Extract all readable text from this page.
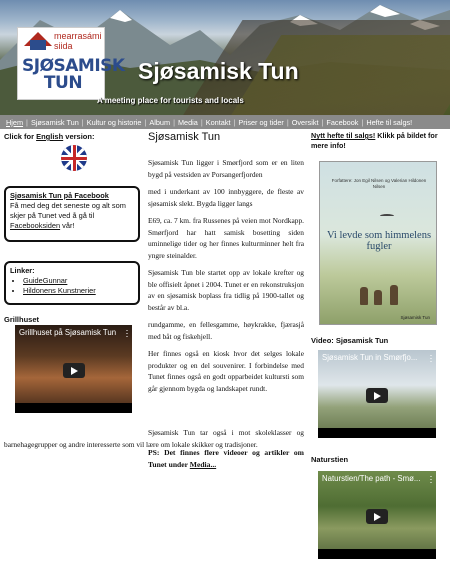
mearrasámi siida
SJØSAMISK TUN	Sjøsamisk Tun
A meeting place for tourists and locals
Hjem | Sjøsamisk Tun | Kultur og historie | Album | Media | Kontakt | Priser og tider | Oversikt | Facebook | Hefte til salgs!
Click for English version:
Sjøsamisk Tun på Facebook
Få med deg det seneste og alt som skjer på Tunet ved å gå til Facebooksiden vår!
Linker:
• GuideGunnar
• Hildonens Kunstnerier
Grillhuset
Grillhuset på Sjøsamisk Tun
Sjøsamisk Tun

Sjøsamisk Tun ligger i Smørfjord som er en liten bygd på vestsiden av Porsangerfjorden

med i underkant av 100 innbyggere, de fleste av sjøsamisk slekt. Bygda ligger langs

E69, ca. 7 km. fra Russenes på veien mot Nordkapp. Smørfjord har hatt samisk bosetting siden uminnelige tider og her finnes kulturminner helt fra yngre steinalder.

Sjøsamisk Tun ble startet opp av lokale krefter og ble offisielt åpnet i 2004. Tunet er en rekonstruksjon av en sjøsamisk boplass fra tidlig på 1900-tallet og består av bl.a.

rundgamme, en fellesgamme, høykrakke, fjærasjå med båt og fiskehjell.

Her finnes også en kiosk hvor det selges lokale produkter og en del souvenirer. I forbindelse med Tunet finnes også en godt opparbeidet kultursti som går gjennom bygda og landskapet rundt.

Sjøsamisk Tun tar også i mot skoleklasser og barnehagegrupper og andre interesserte som vil lære om lokale skikker og tradisjoner.
PS: Det finnes flere videoer og artikler om Tunet under Media...
Nytt hefte til salgs! Klikk på bildet for mere info!
Forfattere: Jon Egil Nilsen og Valerian Hildonen Nilsen
Vi levde som himmelens fugler
Sjøsamisk Tun
Video: Sjøsamisk Tun
Sjøsamisk Tun in Smørfjo...
Naturstien
Naturstien/The path - Smø...
